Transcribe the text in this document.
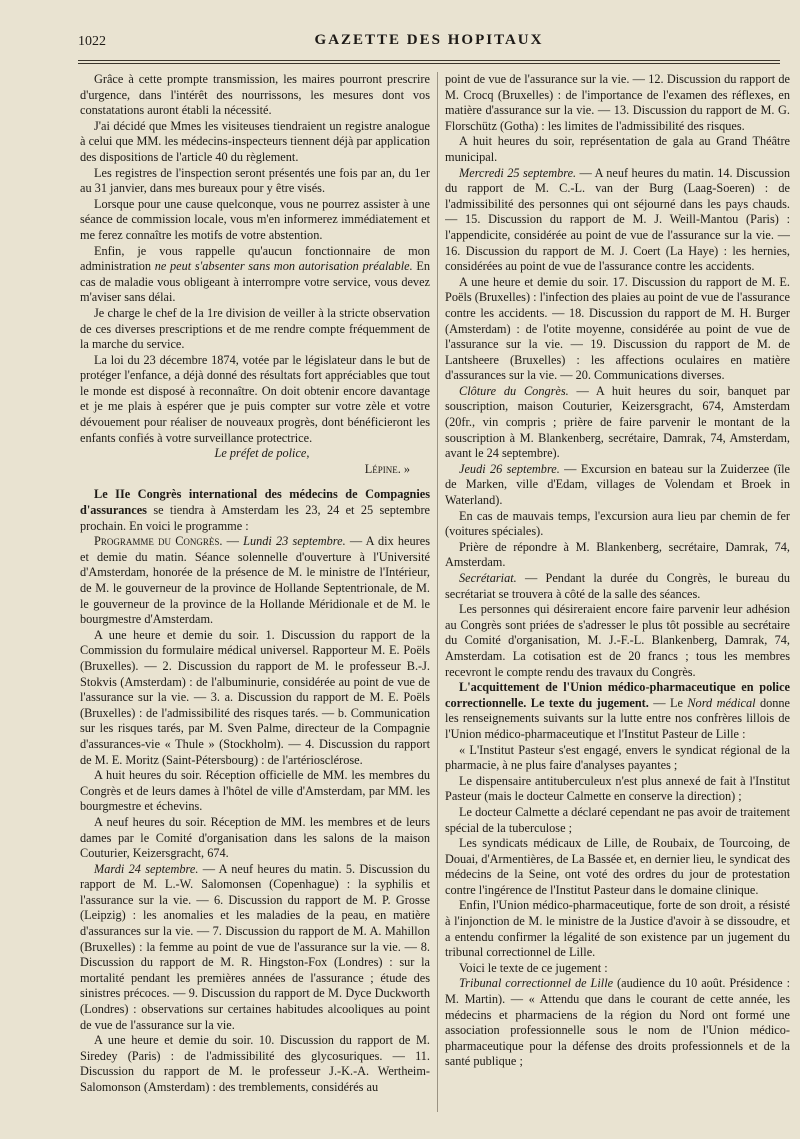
1022	GAZETTE DES HOPITAUX

Grâce à cette prompte transmission, les maires pourront prescrire d'urgence, dans l'intérêt des nourrissons, les mesures dont vos constatations auront établi la nécessité.

J'ai décidé que Mmes les visiteuses tiendraient un registre analogue à celui que MM. les médecins-inspecteurs tiennent déjà par application des dispositions de l'article 40 du règlement.

Les registres de l'inspection seront présentés une fois par an, du 1er au 31 janvier, dans mes bureaux pour y être visés.

Lorsque pour une cause quelconque, vous ne pourrez assister à une séance de commission locale, vous m'en informerez immédiatement et me ferez connaître les motifs de votre abstention.

Enfin, je vous rappelle qu'aucun fonctionnaire de mon administration ne peut s'absenter sans mon autorisation préalable. En cas de maladie vous obligeant à interrompre votre service, vous devez m'aviser sans délai.

Je charge le chef de la 1re division de veiller à la stricte observation de ces diverses prescriptions et de me rendre compte fréquemment de la marche du service.

La loi du 23 décembre 1874, votée par le législateur dans le but de protéger l'enfance, a déjà donné des résultats fort appréciables que tout le monde est disposé à reconnaître. On doit obtenir encore davantage et je me plais à espérer que je puis compter sur votre zèle et votre dévouement pour réaliser de nouveaux progrès, dont bénéficieront les enfants confiés à votre surveillance protectrice.

Le préfet de police,

Lépine. »

Le IIe Congrès international des médecins de Compagnies d'assurances se tiendra à Amsterdam les 23, 24 et 25 septembre prochain. En voici le programme :

Programme du Congrès. — Lundi 23 septembre. — A dix heures et demie du matin. Séance solennelle d'ouverture à l'Université d'Amsterdam, honorée de la présence de M. le ministre de l'Intérieur, de M. le gouverneur de la province de Hollande Septentrionale, de M. le gouverneur de la province de la Hollande Méridionale et de M. le bourgmestre d'Amsterdam.

A une heure et demie du soir. 1. Discussion du rapport de la Commission du formulaire médical universel. Rapporteur M. E. Poëls (Bruxelles). — 2. Discussion du rapport de M. le professeur B.-J. Stokvis (Amsterdam) : de l'albuminurie, considérée au point de vue de l'assurance sur la vie. — 3. a. Discussion du rapport de M. E. Poëls (Bruxelles) : de l'admissibilité des risques tarés. — b. Communication sur les risques tarés, par M. Sven Palme, directeur de la Compagnie d'assurances-vie « Thule » (Stockholm). — 4. Discussion du rapport de M. E. Moritz (Saint-Pétersbourg) : de l'artériosclérose.

A huit heures du soir. Réception officielle de MM. les membres du Congrès et de leurs dames à l'hôtel de ville d'Amsterdam, par MM. les bourgmestre et échevins.

A neuf heures du soir. Réception de MM. les membres et de leurs dames par le Comité d'organisation dans les salons de la maison Couturier, Keizersgracht, 674.

Mardi 24 septembre. — A neuf heures du matin. 5. Discussion du rapport de M. L.-W. Salomonsen (Copenhague) : la syphilis et l'assurance sur la vie. — 6. Discussion du rapport de M. P. Grosse (Leipzig) : les anomalies et les maladies de la peau, en matière d'assurances sur la vie. — 7. Discussion du rapport de M. A. Mahillon (Bruxelles) : la femme au point de vue de l'assurance sur la vie. — 8. Discussion du rapport de M. R. Hingston-Fox (Londres) : sur la mortalité pendant les premières années de l'assurance ; étude des sinistres précoces. — 9. Discussion du rapport de M. Dyce Duckworth (Londres) : observations sur certaines habitudes alcooliques au point de vue de l'assurance sur la vie.

A une heure et demie du soir. 10. Discussion du rapport de M. Siredey (Paris) : de l'admissibilité des glycosuriques. — 11. Discussion du rapport de M. le professeur J.-K.-A. Wertheim-Salomonson (Amsterdam) : des tremblements, considérés au

point de vue de l'assurance sur la vie. — 12. Discussion du rapport de M. Crocq (Bruxelles) : de l'importance de l'examen des réflexes, en matière d'assurance sur la vie. — 13. Discussion du rapport de M. G. Florschütz (Gotha) : les limites de l'admissibilité des risques.

A huit heures du soir, représentation de gala au Grand Théâtre municipal.

Mercredi 25 septembre. — A neuf heures du matin. 14. Discussion du rapport de M. C.-L. van der Burg (Laag-Soeren) : de l'admissibilité des personnes qui ont séjourné dans les pays chauds. — 15. Discussion du rapport de M. J. Weill-Mantou (Paris) : l'appendicite, considérée au point de vue de l'assurance sur la vie. — 16. Discussion du rapport de M. J. Coert (La Haye) : les hernies, considérées au point de vue de l'assurance contre les accidents.

A une heure et demie du soir. 17. Discussion du rapport de M. E. Poëls (Bruxelles) : l'infection des plaies au point de vue de l'assurance contre les accidents. — 18. Discussion du rapport de M. H. Burger (Amsterdam) : de l'otite moyenne, considérée au point de vue de l'assurance sur la vie. — 19. Discussion du rapport de M. de Lantsheere (Bruxelles) : les affections oculaires en matière d'assurances sur la vie. — 20. Communications diverses.

Clôture du Congrès. — A huit heures du soir, banquet par souscription, maison Couturier, Keizersgracht, 674, Amsterdam (20fr., vin compris ; prière de faire parvenir le montant de la souscription à M. Blankenberg, secrétaire, Damrak, 74, Amsterdam, avant le 24 septembre).

Jeudi 26 septembre. — Excursion en bateau sur la Zuiderzee (île de Marken, ville d'Edam, villages de Volendam et Broek in Waterland).

En cas de mauvais temps, l'excursion aura lieu par chemin de fer (voitures spéciales).

Prière de répondre à M. Blankenberg, secrétaire, Damrak, 74, Amsterdam.

Secrétariat. — Pendant la durée du Congrès, le bureau du secrétariat se trouvera à côté de la salle des séances.

Les personnes qui désireraient encore faire parvenir leur adhésion au Congrès sont priées de s'adresser le plus tôt possible au secrétaire du Comité d'organisation, M. J.-F.-L. Blankenberg, Damrak, 74, Amsterdam. La cotisation est de 20 francs ; tous les membres recevront le compte rendu des travaux du Congrès.

L'acquittement de l'Union médico-pharmaceutique en police correctionnelle. Le texte du jugement. — Le Nord médical donne les renseignements suivants sur la lutte entre nos confrères lillois de l'Union médico-pharmaceutique et l'Institut Pasteur de Lille :

« L'Institut Pasteur s'est engagé, envers le syndicat régional de la pharmacie, à ne plus faire d'analyses payantes ;

Le dispensaire antituberculeux n'est plus annexé de fait à l'Institut Pasteur (mais le docteur Calmette en conserve la direction) ;

Le docteur Calmette a déclaré cependant ne pas avoir de traitement spécial de la tuberculose ;

Les syndicats médicaux de Lille, de Roubaix, de Tourcoing, de Douai, d'Armentières, de La Bassée et, en dernier lieu, le syndicat des médecins de la Seine, ont voté des ordres du jour de protestation contre l'ingérence de l'Institut Pasteur dans le domaine clinique.

Enfin, l'Union médico-pharmaceutique, forte de son droit, a résisté à l'injonction de M. le ministre de la Justice d'avoir à se dissoudre, et a entendu confirmer la légalité de son existence par un jugement du tribunal correctionnel de Lille.

Voici le texte de ce jugement :

Tribunal correctionnel de Lille (audience du 10 août. Présidence : M. Martin). — « Attendu que dans le courant de cette année, les médecins et pharmaciens de la région du Nord ont formé une association professionnelle sous le nom de l'Union médico-pharmaceutique pour la défense des droits professionnels et de la santé publique ;
